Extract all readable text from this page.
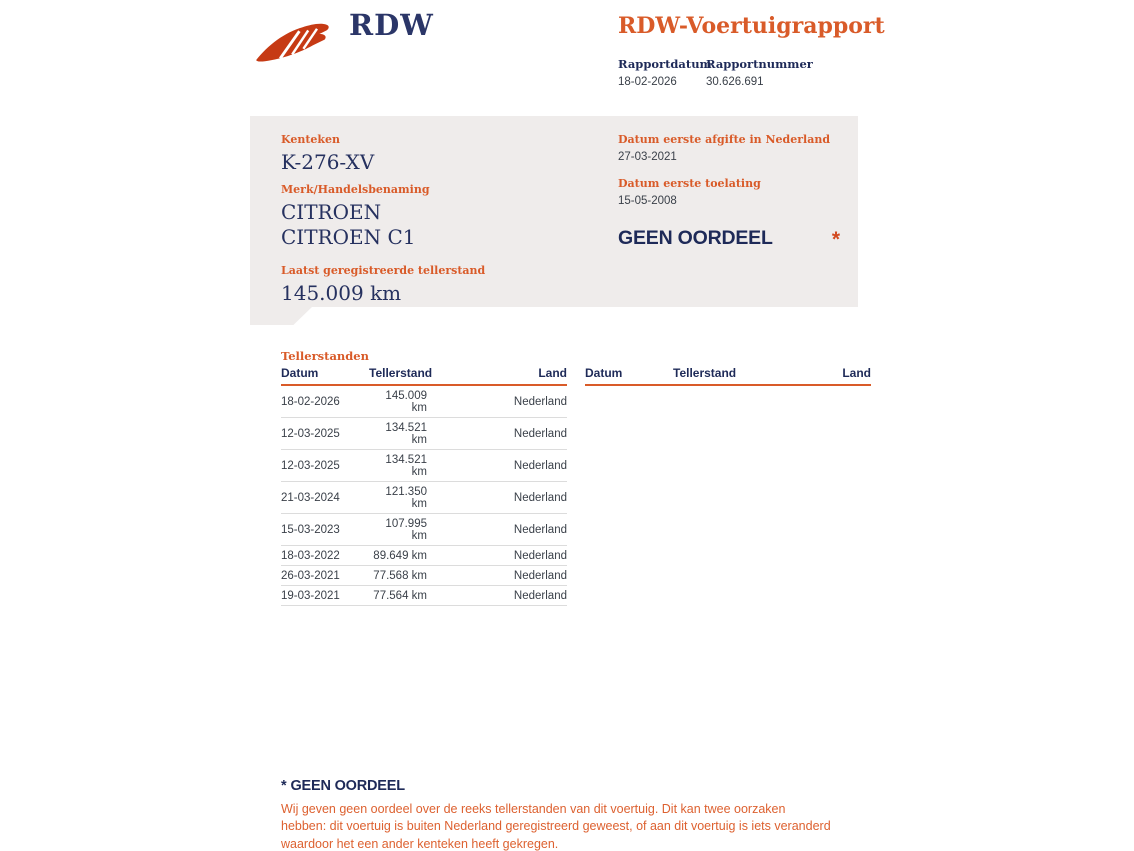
RDW	RDW-Voertuigrapport
Rapportdatum
18-02-2026
Rapportnummer
30.626.691
Kenteken
K-276-XV
Merk/Handelsbenaming
CITROEN CITROEN C1
Laatst geregistreerde tellerstand
145.009 km
Datum eerste afgifte in Nederland
27-03-2021
Datum eerste toelating
15-05-2008
GEEN OORDEEL	*
Tellerstanden
Datum	Tellerstand	Land
18-02-2026	145.009 km	Nederland
12-03-2025	134.521 km	Nederland
12-03-2025	134.521 km	Nederland
21-03-2024	121.350 km	Nederland
15-03-2023	107.995 km	Nederland
18-03-2022	89.649 km	Nederland
26-03-2021	77.568 km	Nederland
19-03-2021	77.564 km	Nederland
Datum	Tellerstand	Land
* GEEN OORDEEL

Wij geven geen oordeel over de reeks tellerstanden van dit voertuig. Dit kan twee oorzaken hebben: dit voertuig is buiten Nederland geregistreerd geweest, of aan dit voertuig is iets veranderd waardoor het een ander kenteken heeft gekregen.
